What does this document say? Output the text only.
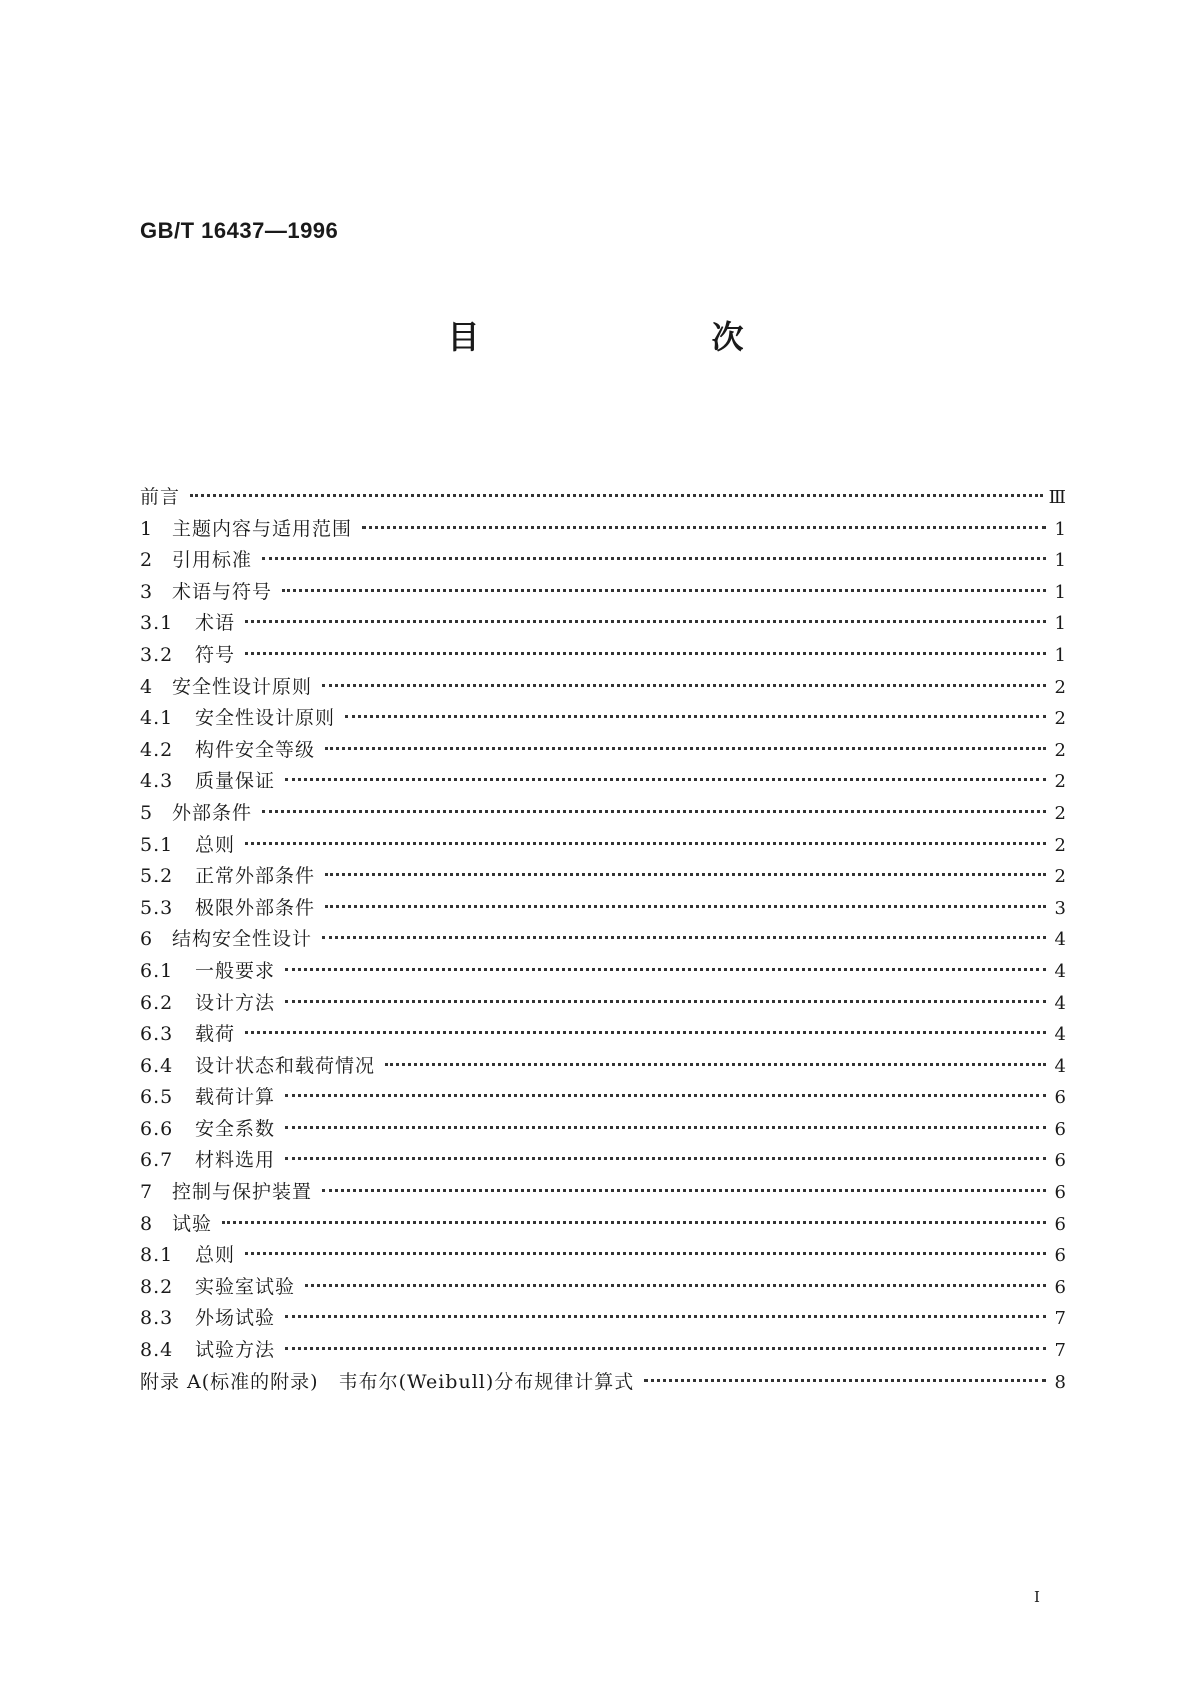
GB/T 16437—1996
目　次
前言	Ⅲ
1 主题内容与适用范围	1
2 引用标准	1
3 术语与符号	1
3.1	术语	1
3.2	符号	1
4 安全性设计原则	2
4.1	安全性设计原则	2
4.2	构件安全等级	2
4.3	质量保证	2
5 外部条件	2
5.1	总则	2
5.2	正常外部条件	2
5.3	极限外部条件	3
6 结构安全性设计	4
6.1	一般要求	4
6.2	设计方法	4
6.3	载荷	4
6.4	设计状态和载荷情况	4
6.5	载荷计算	6
6.6	安全系数	6
6.7	材料选用	6
7 控制与保护装置	6
8 试验	6
8.1	总则	6
8.2	实验室试验	6
8.3	外场试验	7
8.4	试验方法	7
附录 A(标准的附录)　韦布尔(Weibull)分布规律计算式	8
I
